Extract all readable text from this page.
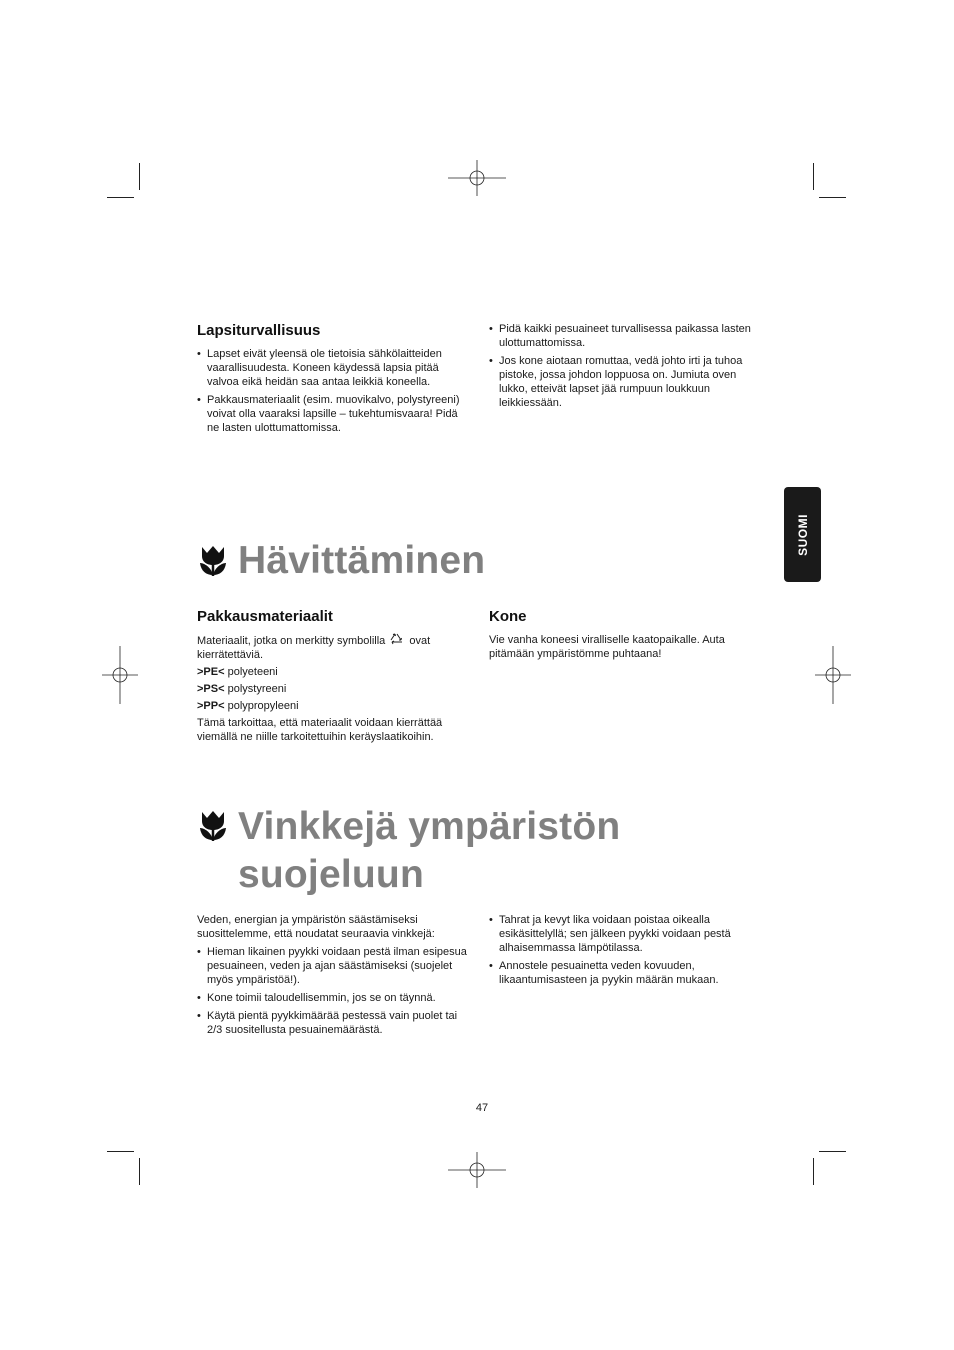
Lapsiturvallisuus
• Lapset eivät yleensä ole tietoisia sähkölaitteiden vaarallisuudesta. Koneen käydessä lapsia pitää valvoa eikä heidän saa antaa leikkiä koneella.
• Pakkausmateriaalit (esim. muovikalvo, polystyreeni) voivat olla vaaraksi lapsille – tukehtumisvaara! Pidä ne lasten ulottumattomissa.
• Pidä kaikki pesuaineet turvallisessa paikassa lasten ulottumattomissa.
• Jos kone aiotaan romuttaa, vedä johto irti ja tuhoa pistoke, jossa johdon loppuosa on. Jumiuta oven lukko, etteivät lapset jää rumpuun loukkuun leikkiessään.
SUOMI
Hävittäminen
Pakkausmateriaalit

Materiaalit, jotka on merkitty symbolilla ovat kierrätettäviä.

>PE< polyeteeni

>PS< polystyreeni

>PP< polypropyleeni

Tämä tarkoittaa, että materiaalit voidaan kierrättää viemällä ne niille tarkoitettuihin keräyslaatikoihin.

Kone

Vie vanha koneesi viralliselle kaatopaikalle. Auta pitämään ympäristömme puhtaana!

Vinkkejä ympäristön
suojeluun

Veden, energian ja ympäristön säästämiseksi suosittelemme, että noudatat seuraavia vinkkejä:

• Hieman likainen pyykki voidaan pestä ilman esipesua pesuaineen, veden ja ajan säästämiseksi (suojelet myös ympäristöä!).
• Kone toimii taloudellisemmin, jos se on täynnä.
• Käytä pientä pyykkimäärää pestessä vain puolet tai 2/3 suositellusta pesuainemäärästä.
• Tahrat ja kevyt lika voidaan poistaa oikealla esikäsittelyllä; sen jälkeen pyykki voidaan pestä alhaisemmassa lämpötilassa.
• Annostele pesuainetta veden kovuuden, likaantumisasteen ja pyykin määrän mukaan.
47
